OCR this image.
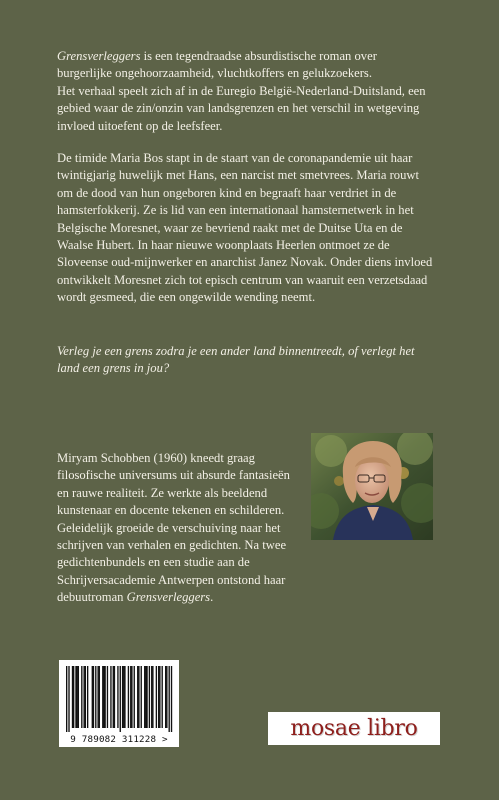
Grensverleggers is een tegendraadse absurdistische roman over

burgerlijke ongehoorzaamheid, vluchtkoffers en gelukzoekers.

Het verhaal speelt zich af in de Euregio België-Nederland-Duitsland, een

gebied waar de zin/onzin van landsgrenzen en het verschil in wetgeving

invloed uitoefent op de leefsfeer.

De timide Maria Bos stapt in de staart van de coronapandemie uit haar

twintigjarig huwelijk met Hans, een narcist met smetvrees. Maria rouwt

om de dood van hun ongeboren kind en begraaft haar verdriet in de

hamsterfokkerij. Ze is lid van een internationaal hamsternetwerk in het

Belgische Moresnet, waar ze bevriend raakt met de Duitse Uta en de

Waalse Hubert. In haar nieuwe woonplaats Heerlen ontmoet ze de

Sloveense oud-mijnwerker en anarchist Janez Novak. Onder diens invloed

ontwikkelt Moresnet zich tot episch centrum van waaruit een verzetsdaad

wordt gesmeed, die een ongewilde wending neemt.

Verleg je een grens zodra je een ander land binnentreedt, of verlegt het

land een grens in jou?

Miryam Schobben (1960) kneedt graag

filosofische universums uit absurde fantasieën

en rauwe realiteit. Ze werkte als beeldend

kunstenaar en docente tekenen en schilderen.

Geleidelijk groeide de verschuiving naar het

schrijven van verhalen en gedichten. Na twee

gedichtenbundels en een studie aan de

Schrijversacademie Antwerpen ontstond haar

debuutroman Grensverleggers.

9 789082 311228 >	mosae libro
